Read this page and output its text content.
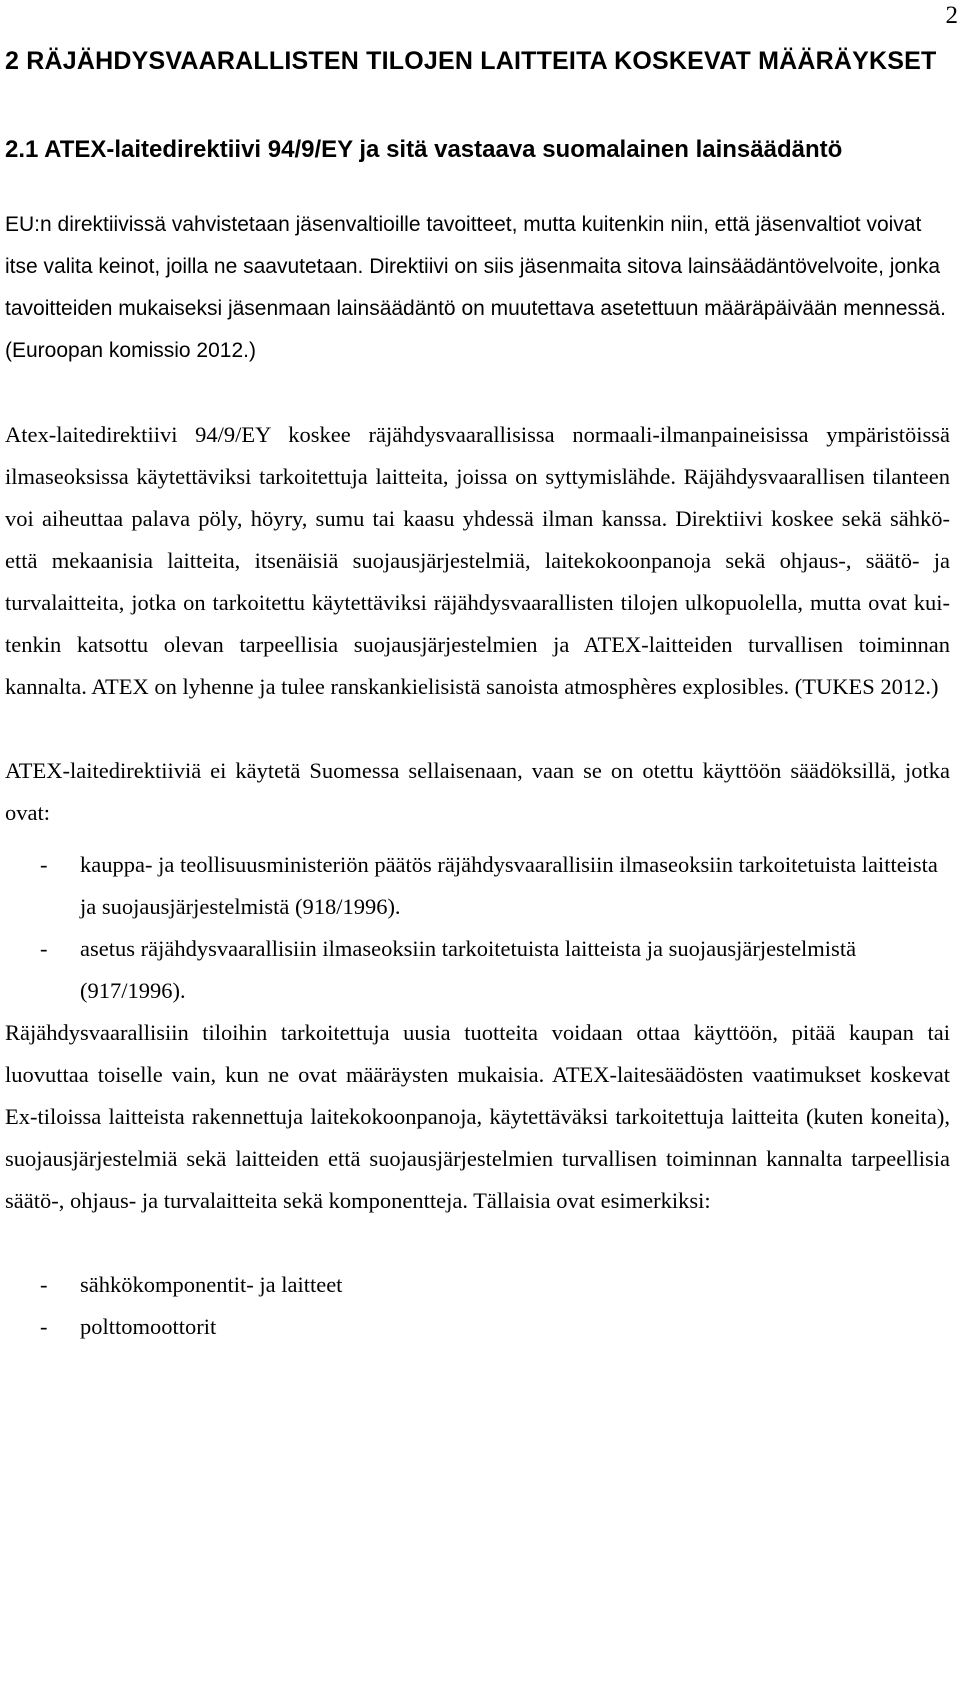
2
2 RÄJÄHDYSVAARALLISTEN TILOJEN LAITTEITA KOSKEVAT MÄÄRÄYKSET
2.1 ATEX-laitedirektiivi 94/9/EY ja sitä vastaava suomalainen lainsäädäntö

EU:n direktiivissä vahvistetaan jäsenvaltioille tavoitteet, mutta kuitenkin niin, että jäsenvaltiot voivat itse valita keinot, joilla ne saavutetaan. Direktiivi on siis jäsenmaita sitova lainsäädäntövelvoite, jonka tavoitteiden mukaiseksi jäsenmaan lainsäädäntö on muutettava asetettuun määräpäivään mennessä. (Euroopan komissio 2012.)

Atex-laitedirektiivi 94/9/EY koskee räjähdysvaarallisissa normaali-ilmanpaineisissa ympäristöissä ilmaseoksissa käytettäviksi tarkoitettuja laitteita, joissa on syttymislähde. Räjähdysvaarallisen tilanteen voi aiheuttaa palava pöly, höyry, sumu tai kaasu yhdessä ilman kanssa. Direktiivi koskee sekä sähkö- että mekaanisia laitteita, itsenäisiä suojausjärjestelmiä, laitekokoonpanoja sekä ohjaus-, säätö- ja turvalaitteita, jotka on tarkoitettu käytettäviksi räjähdysvaarallisten tilojen ulkopuolella, mutta ovat kuitenkin katsottu olevan tarpeellisia suojausjärjestelmien ja ATEX-laitteiden turvallisen toiminnan kannalta. ATEX on lyhenne ja tulee ranskankielisistä sanoista atmosphères explosibles. (TUKES 2012.)

ATEX-laitedirektiiviä ei käytetä Suomessa sellaisenaan, vaan se on otettu käyttöön säädöksillä, jotka ovat:

- kauppa- ja teollisuusministeriön päätös räjähdysvaarallisiin ilmaseoksiin tarkoitetuista laitteista ja suojausjärjestelmistä (918/1996).
- asetus räjähdysvaarallisiin ilmaseoksiin tarkoitetuista laitteista ja suojausjärjestelmistä (917/1996).

Räjähdysvaarallisiin tiloihin tarkoitettuja uusia tuotteita voidaan ottaa käyttöön, pitää kaupan tai luovuttaa toiselle vain, kun ne ovat määräysten mukaisia. ATEX-laitesäädösten vaatimukset koskevat Ex-tiloissa laitteista rakennettuja laitekokoonpanoja, käytettäväksi tarkoitettuja laitteita (kuten koneita), suojausjärjestelmiä sekä laitteiden että suojausjärjestelmien turvallisen toiminnan kannalta tarpeellisia säätö-, ohjaus- ja turvalaitteita sekä komponentteja. Tällaisia ovat esimerkiksi:

- sähkökomponentit- ja laitteet
- polttomoottorit
